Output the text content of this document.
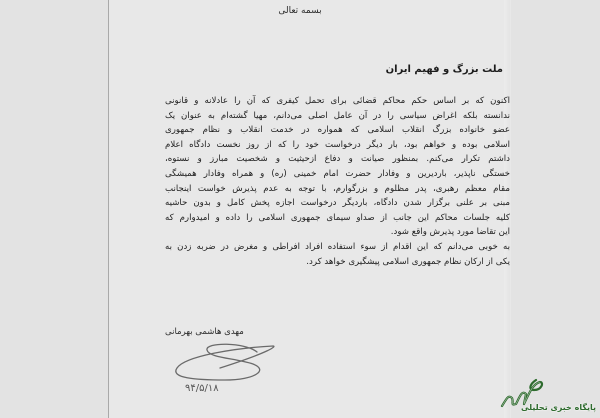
بسمه تعالی
ملت بزرگ و فهیم ایران
اکنون که بر اساس حکم محاکم قضائی برای تحمل کیفری که آن را عادلانه و قانونی
ندانسته بلکه اغراض سیاسی را در آن عامل اصلی می‌دانم، مهیا گشته‌ام به عنوان یک
عضو خانواده بزرگ انقلاب اسلامی که همواره در خدمت انقلاب و نظام جمهوری
اسلامی بوده و خواهم بود، بار دیگر درخواست خود را که از روز نخست دادگاه اعلام
داشتم تکرار می‌کنم. بمنظور صیانت و دفاع ازحیثیت و شخصیت مبارز و نستوه،
خستگی ناپذیر، باردیرین و وفادار حضرت امام خمینی (ره) و همراه وفادار همیشگی
مقام معظم رهبری، پدر مظلوم و بزرگوارم، با توجه به عدم پذیرش خواست اینجانب
مبنی بر علنی برگزار شدن دادگاه، باردیگر درخواست اجازه پخش کامل و بدون حاشیه
کلیه جلسات محاکم این جانب از صداو سیمای جمهوری اسلامی را داده و امیدوارم که
این تقاضا مورد پذیرش واقع شود.
به خوبی می‌دانم که این اقدام از سوء استفاده افراد افراطی و مغرض در ضربه زدن به
یکی از ارکان نظام جمهوری اسلامی پیشگیری خواهد کرد.
مهدی هاشمی بهرمانی
۹۴/۵/۱۸
پایگاه خبری تحلیلی
